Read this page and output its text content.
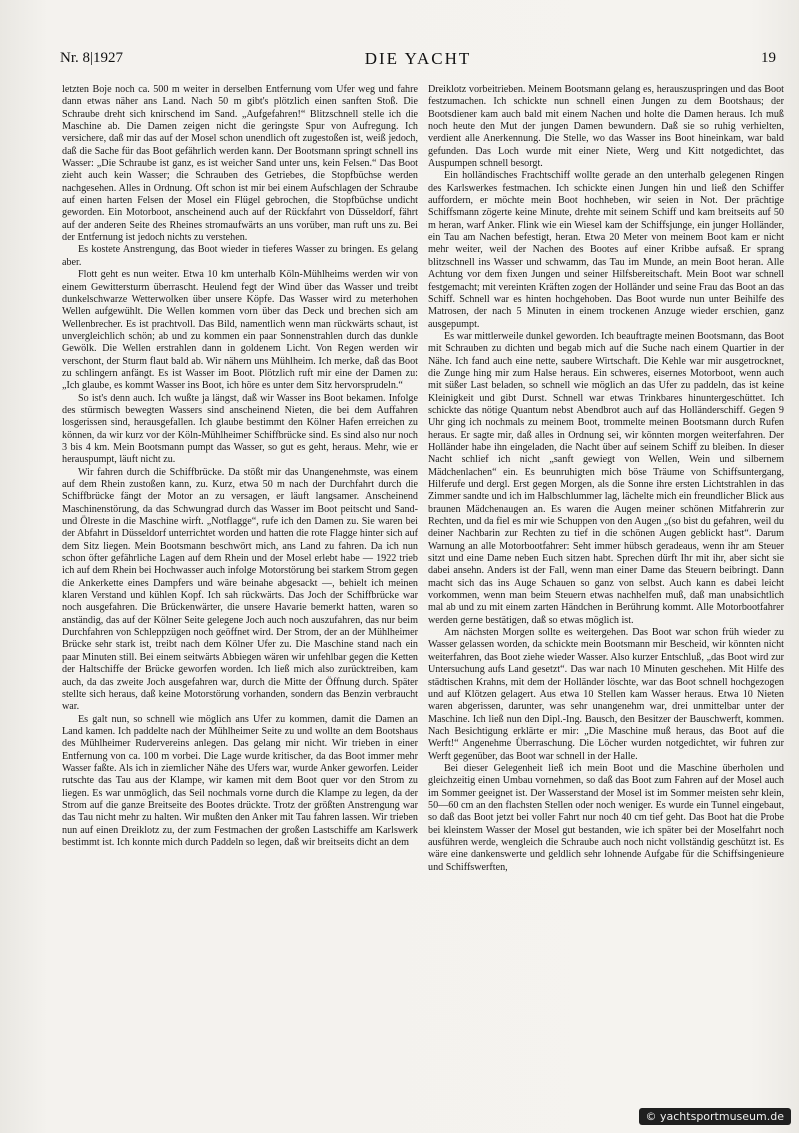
Nr. 8|1927	DIE YACHT	19

letzten Boje noch ca. 500 m weiter in derselben Entfernung vom Ufer weg und fahre dann etwas näher ans Land. Nach 50 m gibt's plötzlich einen sanften Stoß. Die Schraube dreht sich knirschend im Sand. „Aufgefahren!“ Blitzschnell stelle ich die Maschine ab. Die Damen zeigen nicht die geringste Spur von Aufregung. Ich versichere, daß mir das auf der Mosel schon unendlich oft zugestoßen ist, weiß jedoch, daß die Sache für das Boot gefährlich werden kann. Der Bootsmann springt schnell ins Wasser: „Die Schraube ist ganz, es ist weicher Sand unter uns, kein Felsen.“ Das Boot zieht auch kein Wasser; die Schrauben des Getriebes, die Stopfbüchse werden nachgesehen. Alles in Ordnung. Oft schon ist mir bei einem Aufschlagen der Schraube auf einen harten Felsen der Mosel ein Flügel gebrochen, die Stopfbüchse undicht geworden. Ein Motorboot, anscheinend auch auf der Rückfahrt von Düsseldorf, fährt auf der anderen Seite des Rheines stromaufwärts an uns vorüber, man ruft uns zu. Bei der Entfernung ist jedoch nichts zu verstehen.

Es kostete Anstrengung, das Boot wieder in tieferes Wasser zu bringen. Es gelang aber.

Flott geht es nun weiter. Etwa 10 km unterhalb Köln-Mühlheims werden wir von einem Gewittersturm überrascht. Heulend fegt der Wind über das Wasser und treibt dunkelschwarze Wetterwolken über unsere Köpfe. Das Wasser wird zu meterhohen Wellen aufgewühlt. Die Wellen kommen vorn über das Deck und brechen sich am Wellenbrecher. Es ist prachtvoll. Das Bild, namentlich wenn man rückwärts schaut, ist unvergleichlich schön; ab und zu kommen ein paar Sonnenstrahlen durch das dunkle Gewölk. Die Wellen erstrahlen dann in goldenem Licht. Von Regen werden wir verschont, der Sturm flaut bald ab. Wir nähern uns Mühlheim. Ich merke, daß das Boot zu schlingern anfängt. Es ist Wasser im Boot. Plötzlich ruft mir eine der Damen zu: „Ich glaube, es kommt Wasser ins Boot, ich höre es unter dem Sitz hervorsprudeln.“

So ist's denn auch. Ich wußte ja längst, daß wir Wasser ins Boot bekamen. Infolge des stürmisch bewegten Wassers sind anscheinend Nieten, die bei dem Auffahren losgerissen sind, herausgefallen. Ich glaube bestimmt den Kölner Hafen erreichen zu können, da wir kurz vor der Köln-Mühlheimer Schiffbrücke sind. Es sind also nur noch 3 bis 4 km. Mein Bootsmann pumpt das Wasser, so gut es geht, heraus. Mehr, wie er herauspumpt, läuft nicht zu.

Wir fahren durch die Schiffbrücke. Da stößt mir das Unangenehmste, was einem auf dem Rhein zustoßen kann, zu. Kurz, etwa 50 m nach der Durchfahrt durch die Schiffbrücke fängt der Motor an zu versagen, er läuft langsamer. Anscheinend Maschinenstörung, da das Schwungrad durch das Wasser im Boot peitscht und Sand- und Ölreste in die Maschine wirft. „Notflagge“, rufe ich den Damen zu. Sie waren bei der Abfahrt in Düsseldorf unterrichtet worden und hatten die rote Flagge hinter sich auf dem Sitz liegen. Mein Bootsmann beschwört mich, ans Land zu fahren. Da ich nun schon öfter gefährliche Lagen auf dem Rhein und der Mosel erlebt habe — 1922 trieb ich auf dem Rhein bei Hochwasser auch infolge Motorstörung bei starkem Strom gegen die Ankerkette eines Dampfers und wäre beinahe abgesackt —, behielt ich meinen klaren Verstand und kühlen Kopf. Ich sah rückwärts. Das Joch der Schiffbrücke war noch ausgefahren. Die Brückenwärter, die unsere Havarie bemerkt hatten, waren so anständig, das auf der Kölner Seite gelegene Joch auch noch auszufahren, das nur beim Durchfahren von Schleppzügen noch geöffnet wird. Der Strom, der an der Mühlheimer Brücke sehr stark ist, treibt nach dem Kölner Ufer zu. Die Maschine stand nach ein paar Minuten still. Bei einem seitwärts Abbiegen wären wir unfehlbar gegen die Ketten der Haltschiffe der Brücke geworfen worden. Ich ließ mich also zurücktreiben, kam auch, da das zweite Joch ausgefahren war, durch die Mitte der Öffnung durch. Später stellte sich heraus, daß keine Motorstörung vorhanden, sondern das Benzin verbraucht war.

Es galt nun, so schnell wie möglich ans Ufer zu kommen, damit die Damen an Land kamen. Ich paddelte nach der Mühlheimer Seite zu und wollte an dem Bootshaus des Mühlheimer Rudervereins anlegen. Das gelang mir nicht. Wir trieben in einer Entfernung von ca. 100 m vorbei. Die Lage wurde kritischer, da das Boot immer mehr Wasser faßte. Als ich in ziemlicher Nähe des Ufers war, wurde Anker geworfen. Leider rutschte das Tau aus der Klampe, wir kamen mit dem Boot quer vor den Strom zu liegen. Es war unmöglich, das Seil nochmals vorne durch die Klampe zu legen, da der Strom auf die ganze Breitseite des Bootes drückte. Trotz der größten Anstrengung war das Tau nicht mehr zu halten. Wir mußten den Anker mit Tau fahren lassen. Wir trieben nun auf einen Dreiklotz zu, der zum Festmachen der großen Lastschiffe am Karlswerk bestimmt ist. Ich konnte mich durch Paddeln so legen, daß wir breitseits dicht an dem

Dreiklotz vorbeitrieben. Meinem Bootsmann gelang es, herauszuspringen und das Boot festzumachen. Ich schickte nun schnell einen Jungen zu dem Bootshaus; der Bootsdiener kam auch bald mit einem Nachen und holte die Damen heraus. Ich muß noch heute den Mut der jungen Damen bewundern. Daß sie so ruhig verhielten, verdient alle Anerkennung. Die Stelle, wo das Wasser ins Boot hineinkam, war bald gefunden. Das Loch wurde mit einer Niete, Werg und Kitt notgedichtet, das Auspumpen schnell besorgt.

Ein holländisches Frachtschiff wollte gerade an den unterhalb gelegenen Ringen des Karlswerkes festmachen. Ich schickte einen Jungen hin und ließ den Schiffer auffordern, er möchte mein Boot hochheben, wir seien in Not. Der prächtige Schiffsmann zögerte keine Minute, drehte mit seinem Schiff und kam breitseits auf 50 m heran, warf Anker. Flink wie ein Wiesel kam der Schiffsjunge, ein junger Holländer, ein Tau am Nachen befestigt, heran. Etwa 20 Meter von meinem Boot kam er nicht mehr weiter, weil der Nachen des Bootes auf einer Kribbe aufsaß. Er sprang blitzschnell ins Wasser und schwamm, das Tau im Munde, an mein Boot heran. Alle Achtung vor dem fixen Jungen und seiner Hilfsbereitschaft. Mein Boot war schnell festgemacht; mit vereinten Kräften zogen der Holländer und seine Frau das Boot an das Schiff. Schnell war es hinten hochgehoben. Das Boot wurde nun unter Beihilfe des Matrosen, der nach 5 Minuten in einem trockenen Anzuge wieder erschien, ganz ausgepumpt.

Es war mittlerweile dunkel geworden. Ich beauftragte meinen Bootsmann, das Boot mit Schrauben zu dichten und begab mich auf die Suche nach einem Quartier in der Nähe. Ich fand auch eine nette, saubere Wirtschaft. Die Kehle war mir ausgetrocknet, die Zunge hing mir zum Halse heraus. Ein schweres, eisernes Motorboot, wenn auch mit süßer Last beladen, so schnell wie möglich an das Ufer zu paddeln, das ist keine Kleinigkeit und gibt Durst. Schnell war etwas Trinkbares hinuntergeschüttet. Ich schickte das nötige Quantum nebst Abendbrot auch auf das Holländerschiff. Gegen 9 Uhr ging ich nochmals zu meinem Boot, trommelte meinen Bootsmann durch Rufen heraus. Er sagte mir, daß alles in Ordnung sei, wir könnten morgen weiterfahren. Der Holländer habe ihn eingeladen, die Nacht über auf seinem Schiff zu bleiben. In dieser Nacht schlief ich nicht „sanft gewiegt von Wellen, Wein und silbernem Mädchenlachen“ ein. Es beunruhigten mich böse Träume von Schiffsuntergang, Hilferufe und dergl. Erst gegen Morgen, als die Sonne ihre ersten Lichtstrahlen in das Zimmer sandte und ich im Halbschlummer lag, lächelte mich ein freundlicher Blick aus braunen Mädchenaugen an. Es waren die Augen meiner schönen Mitfahrerin zur Rechten, und da fiel es mir wie Schuppen von den Augen „(so bist du gefahren, weil du deiner Nachbarin zur Rechten zu tief in die schönen Augen geblickt hast“. Darum Warnung an alle Motorbootfahrer: Seht immer hübsch geradeaus, wenn ihr am Steuer sitzt und eine Dame neben Euch sitzen habt. Sprechen dürft Ihr mit ihr, aber sicht sie dabei ansehn. Anders ist der Fall, wenn man einer Dame das Steuern beibringt. Dann macht sich das ins Auge Schauen so ganz von selbst. Auch kann es dabei leicht vorkommen, wenn man beim Steuern etwas nachhelfen muß, daß man unabsichtlich mal ab und zu mit einem zarten Händchen in Berührung kommt. Alle Motorbootfahrer werden gerne bestätigen, daß so etwas möglich ist.

Am nächsten Morgen sollte es weitergehen. Das Boot war schon früh wieder zu Wasser gelassen worden, da schickte mein Bootsmann mir Bescheid, wir könnten nicht weiterfahren, das Boot ziehe wieder Wasser. Also kurzer Entschluß, „das Boot wird zur Untersuchung aufs Land gesetzt“. Das war nach 10 Minuten geschehen. Mit Hilfe des städtischen Krahns, mit dem der Holländer löschte, war das Boot schnell hochgezogen und auf Klötzen gelagert. Aus etwa 10 Stellen kam Wasser heraus. Etwa 10 Nieten waren abgerissen, darunter, was sehr unangenehm war, drei unmittelbar unter der Maschine. Ich ließ nun den Dipl.-Ing. Bausch, den Besitzer der Bauschwerft, kommen. Nach Besichtigung erklärte er mir: „Die Maschine muß heraus, das Boot auf die Werft!“ Angenehme Überraschung. Die Löcher wurden notgedichtet, wir fuhren zur Werft gegenüber, das Boot war schnell in der Halle.

Bei dieser Gelegenheit ließ ich mein Boot und die Maschine überholen und gleichzeitig einen Umbau vornehmen, so daß das Boot zum Fahren auf der Mosel auch im Sommer geeignet ist. Der Wasserstand der Mosel ist im Sommer meisten sehr klein, 50—60 cm an den flachsten Stellen oder noch weniger. Es wurde ein Tunnel eingebaut, so daß das Boot jetzt bei voller Fahrt nur noch 40 cm tief geht. Das Boot hat die Probe bei kleinstem Wasser der Mosel gut bestanden, wie ich später bei der Moselfahrt noch ausführen werde, wengleich die Schraube auch noch nicht vollständig geschützt ist. Es wäre eine dankenswerte und geldlich sehr lohnende Aufgabe für die Schiffsingenieure und Schiffswerften,

© yachtsportmuseum.de
